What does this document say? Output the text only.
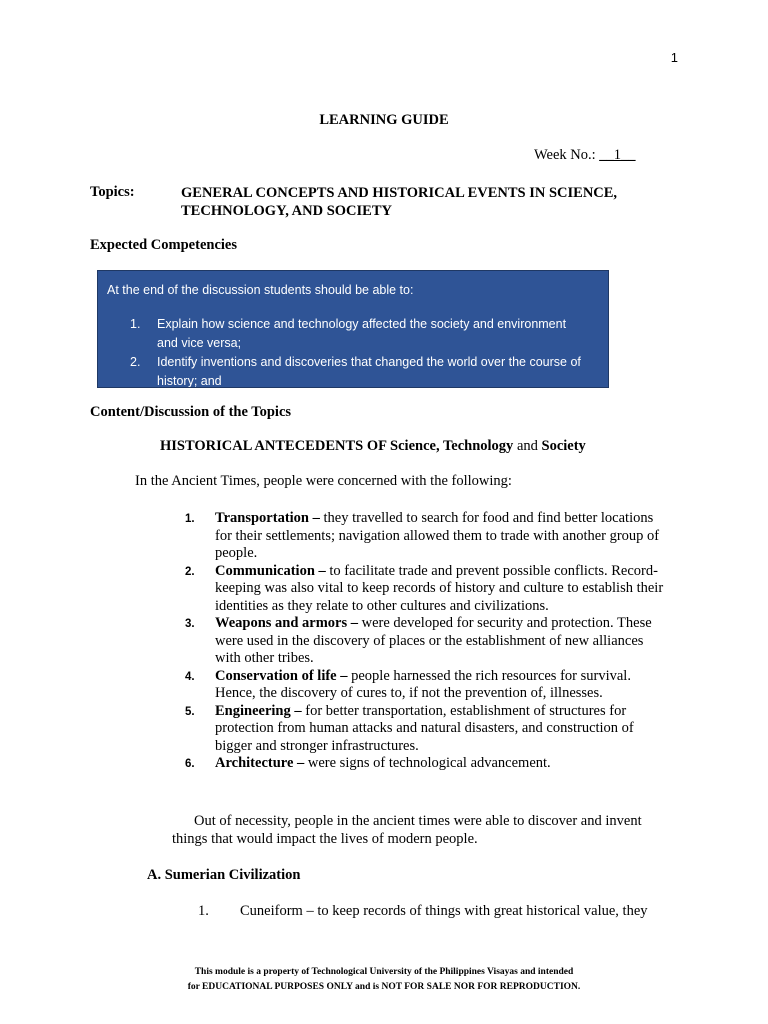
1
LEARNING GUIDE
Week No.: __1__
Topics:	GENERAL CONCEPTS AND HISTORICAL EVENTS IN SCIENCE, TECHNOLOGY, AND SOCIETY
Expected Competencies
At the end of the discussion students should be able to:
1. Explain how science and technology affected the society and environment and vice versa;
2. Identify inventions and discoveries that changed the world over the course of history; and
Content/Discussion of the Topics
HISTORICAL ANTECEDENTS OF Science, Technology and Society
In the Ancient Times, people were concerned with the following:
1. Transportation – they travelled to search for food and find better locations for their settlements; navigation allowed them to trade with another group of people.
2. Communication – to facilitate trade and prevent possible conflicts. Record-keeping was also vital to keep records of history and culture to establish their identities as they relate to other cultures and civilizations.
3. Weapons and armors – were developed for security and protection. These were used in the discovery of places or the establishment of new alliances with other tribes.
4. Conservation of life – people harnessed the rich resources for survival. Hence, the discovery of cures to, if not the prevention of, illnesses.
5. Engineering – for better transportation, establishment of structures for protection from human attacks and natural disasters, and construction of bigger and stronger infrastructures.
6. Architecture – were signs of technological advancement.
Out of necessity, people in the ancient times were able to discover and invent things that would impact the lives of modern people.
A. Sumerian Civilization
1. Cuneiform – to keep records of things with great historical value, they
This module is a property of Technological University of the Philippines Visayas and intended
for EDUCATIONAL PURPOSES ONLY and is NOT FOR SALE NOR FOR REPRODUCTION.
